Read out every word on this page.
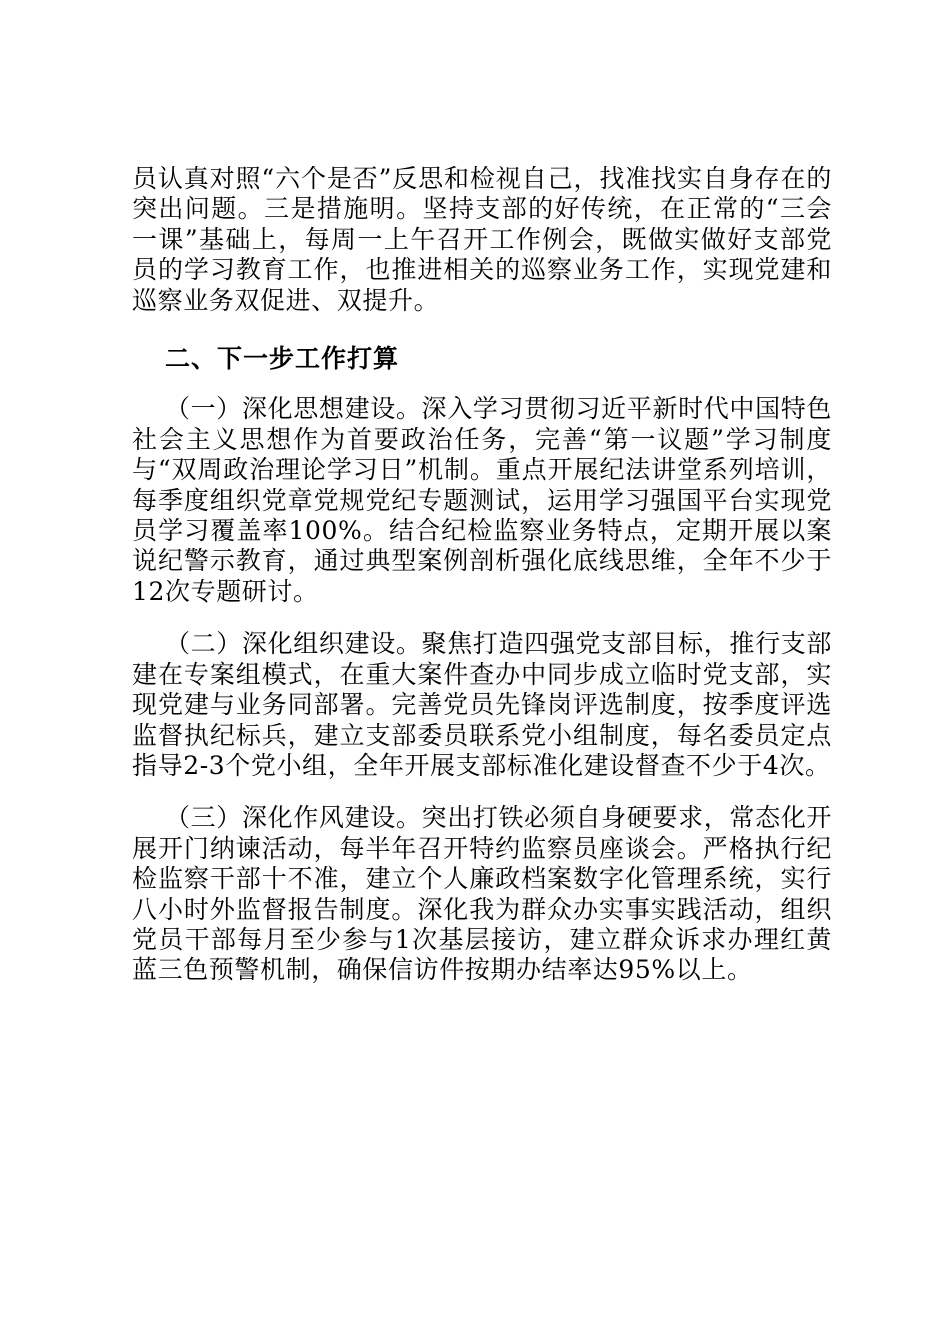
员认真对照“六个是否”反思和检视自己，找准找实自身存在的突出问题。三是措施明。坚持支部的好传统，在正常的“三会一课”基础上，每周一上午召开工作例会，既做实做好支部党员的学习教育工作，也推进相关的巡察业务工作，实现党建和巡察业务双促进、双提升。

二、下一步工作打算

（一）深化思想建设。深入学习贯彻习近平新时代中国特色社会主义思想作为首要政治任务，完善“第一议题”学习制度与“双周政治理论学习日”机制。重点开展纪法讲堂系列培训，每季度组织党章党规党纪专题测试，运用学习强国平台实现党员学习覆盖率100%。结合纪检监察业务特点，定期开展以案说纪警示教育，通过典型案例剖析强化底线思维，全年不少于12次专题研讨。

（二）深化组织建设。聚焦打造四强党支部目标，推行支部建在专案组模式，在重大案件查办中同步成立临时党支部，实现党建与业务同部署。完善党员先锋岗评选制度，按季度评选监督执纪标兵，建立支部委员联系党小组制度，每名委员定点指导2-3个党小组，全年开展支部标准化建设督查不少于4次。

（三）深化作风建设。突出打铁必须自身硬要求，常态化开展开门纳谏活动，每半年召开特约监察员座谈会。严格执行纪检监察干部十不准，建立个人廉政档案数字化管理系统，实行八小时外监督报告制度。深化我为群众办实事实践活动，组织党员干部每月至少参与1次基层接访，建立群众诉求办理红黄蓝三色预警机制，确保信访件按期办结率达95%以上。
